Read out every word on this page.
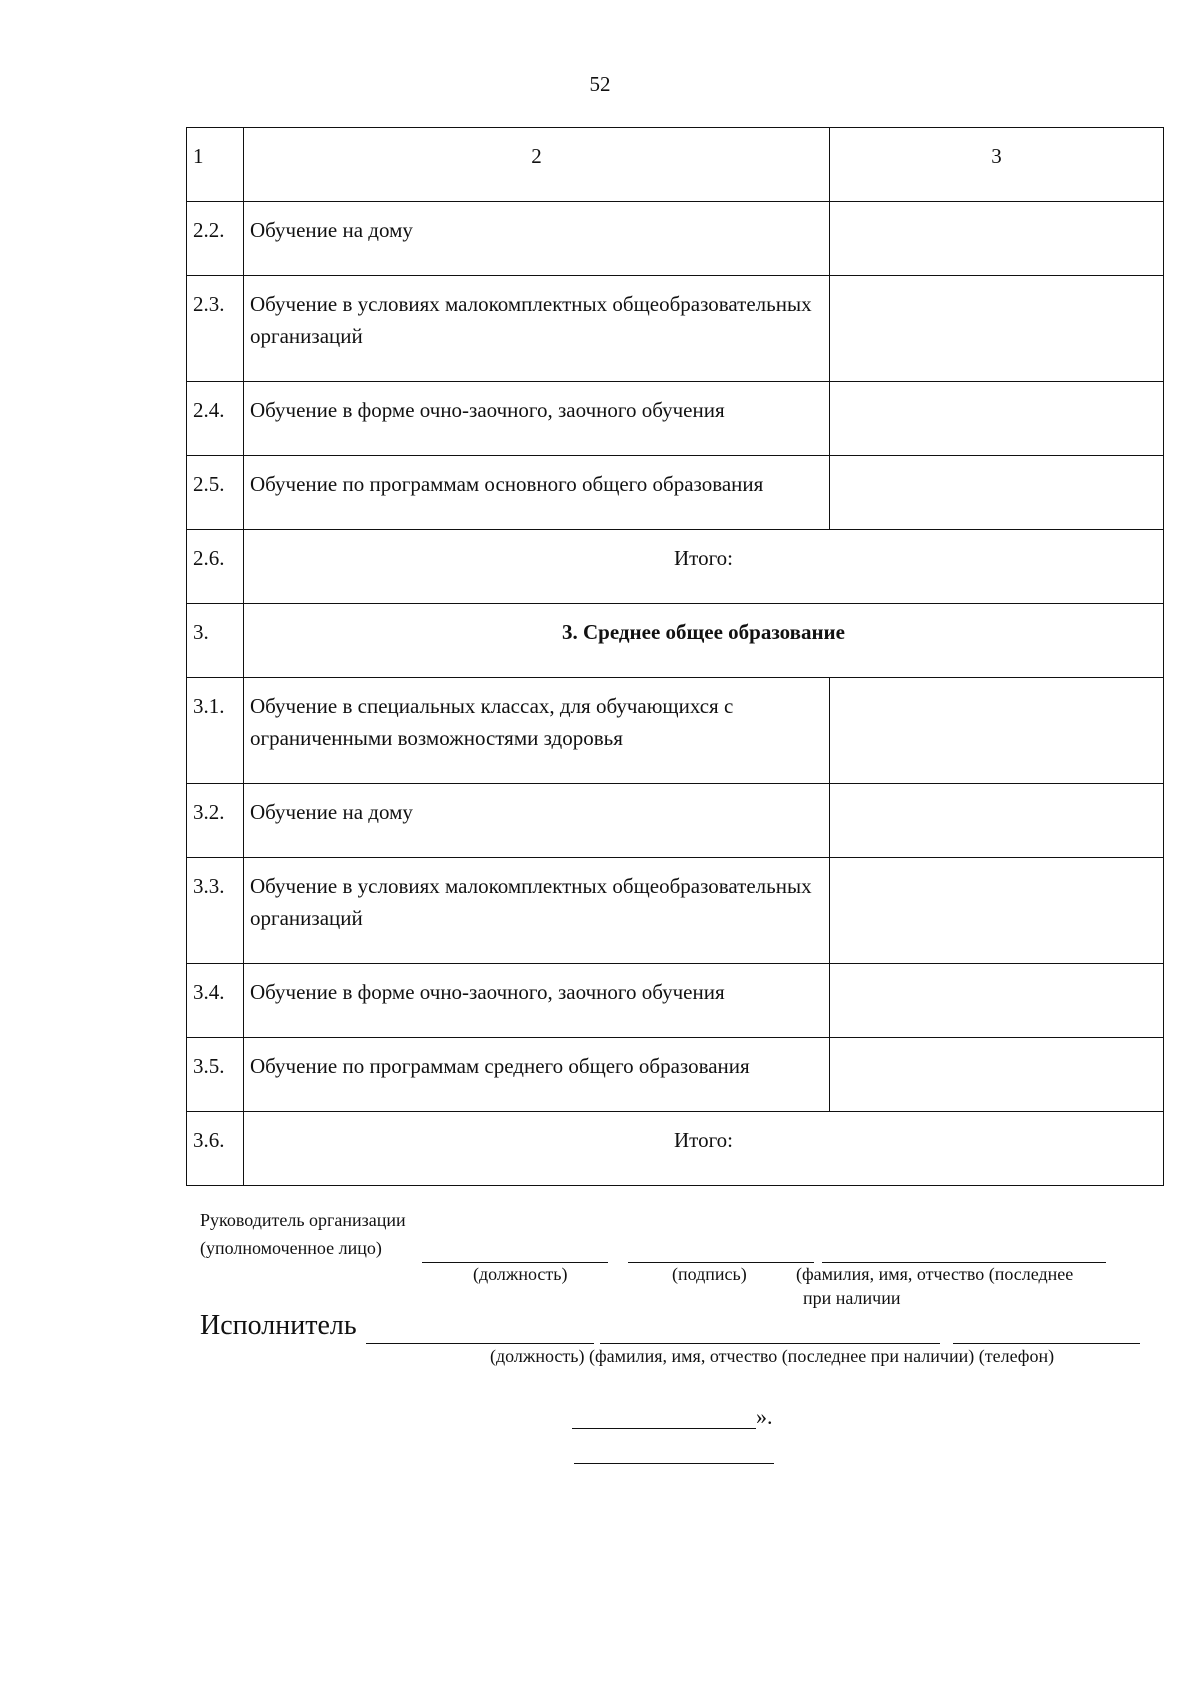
52
1	2	3
2.2.	Обучение на дому	
2.3.	Обучение в условиях малокомплектных общеобразовательных организаций	
2.4.	Обучение в форме очно-заочного, заочного обучения	
2.5.	Обучение по программам основного общего образования	
2.6.	Итого:	
3.	3. Среднее общее образование	
3.1.	Обучение в специальных классах, для обучающихся с ограниченными возможностями здоровья	
3.2.	Обучение на дому	
3.3.	Обучение в условиях малокомплектных общеобразовательных организаций	
3.4.	Обучение в форме очно-заочного, заочного обучения	
3.5.	Обучение по программам среднего общего образования	
3.6.	Итого:	
Руководитель организации
(уполномоченное лицо)
(должность)	(подпись)	(фамилия, имя, отчество (последнее
при наличии
Исполнитель
(должность) (фамилия, имя, отчество (последнее при наличии) (телефон)
».
